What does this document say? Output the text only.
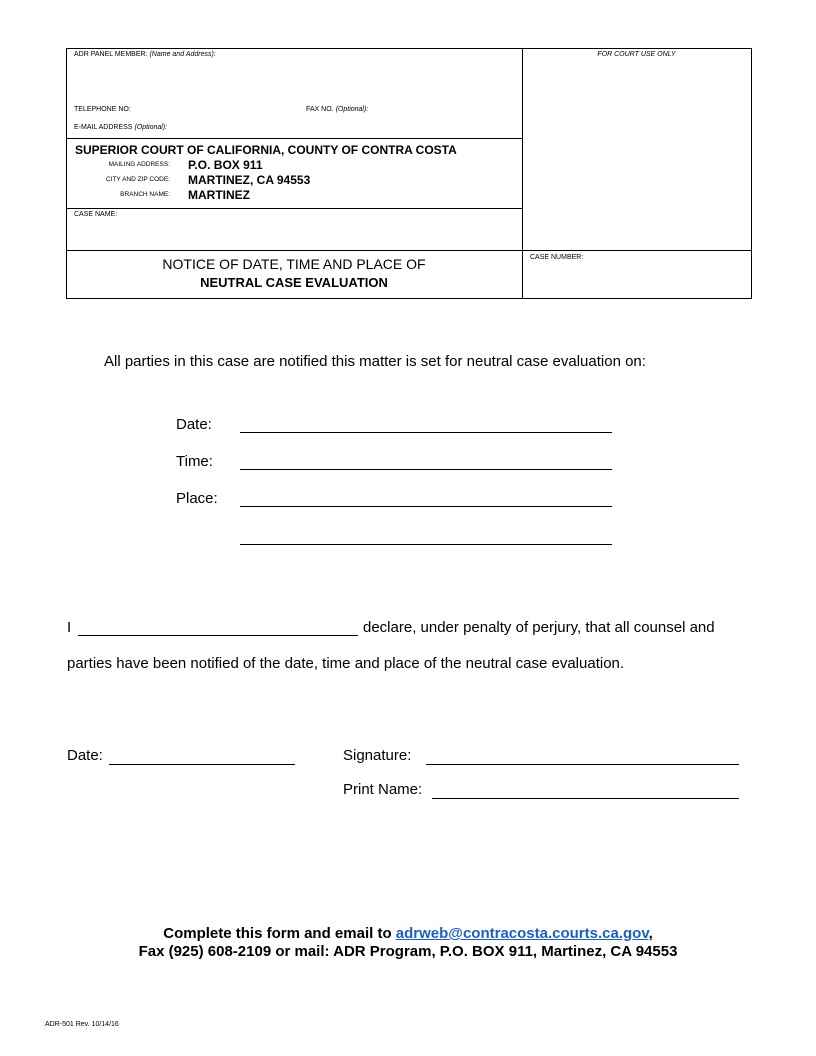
ADR PANEL MEMBER: (Name and Address):	FOR COURT USE ONLY
TELEPHONE NO:	FAX NO. (Optional):
E-MAIL ADDRESS (Optional):
SUPERIOR COURT OF CALIFORNIA, COUNTY OF CONTRA COSTA
MAILING ADDRESS: P.O. BOX 911
CITY AND ZIP CODE: MARTINEZ, CA 94553
BRANCH NAME: MARTINEZ
CASE NAME:
NOTICE OF DATE, TIME AND PLACE OF
NEUTRAL CASE EVALUATION
CASE NUMBER:
All parties in this case are notified this matter is set for neutral case evaluation on:
Date:
Time:
Place:
I	declare, under penalty of perjury, that all counsel and
parties have been notified of the date, time and place of the neutral case evaluation.
Date:	Signature:
Print Name:
Complete this form and email to adrweb@contracosta.courts.ca.gov,
Fax (925) 608-2109 or mail: ADR Program, P.O. BOX 911, Martinez, CA 94553
ADR-501 Rev. 10/14/16
